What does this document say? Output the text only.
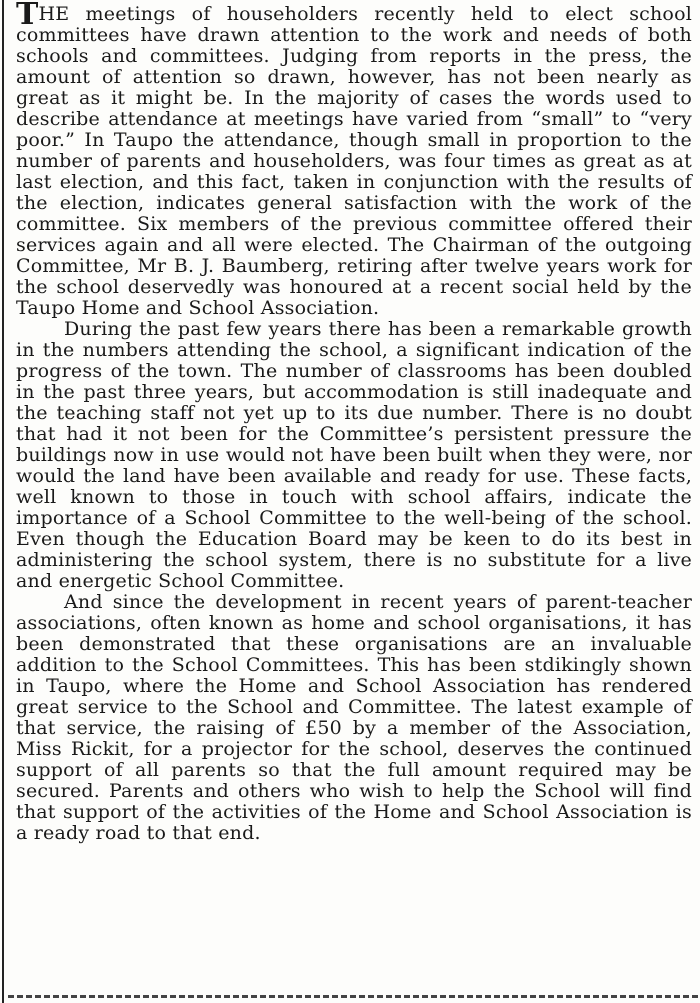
THE meetings of householders recently held to elect school committees have drawn attention to the work and needs of both schools and committees. Judging from reports in the press, the amount of attention so drawn, however, has not been nearly as great as it might be. In the majority of cases the words used to describe attendance at meetings have varied from “small” to “very poor.” In Taupo the attendance, though small in proportion to the number of parents and householders, was four times as great as at last election, and this fact, taken in conjunction with the results of the election, indicates general satisfaction with the work of the committee. Six members of the previous committee offered their services again and all were elected. The Chairman of the outgoing Committee, Mr B. J. Baumberg, retiring after twelve years work for the school deservedly was honoured at a recent social held by the Taupo Home and School Association.

During the past few years there has been a remarkable growth in the numbers attending the school, a significant indication of the progress of the town. The number of classrooms has been doubled in the past three years, but accommodation is still inadequate and the teaching staff not yet up to its due number. There is no doubt that had it not been for the Committee’s persistent pressure the buildings now in use would not have been built when they were, nor would the land have been available and ready for use. These facts, well known to those in touch with school affairs, indicate the importance of a School Committee to the well-being of the school. Even though the Education Board may be keen to do its best in administering the school system, there is no substitute for a live and energetic School Committee.

And since the development in recent years of parent-teacher associations, often known as home and school organisations, it has been demonstrated that these organisations are an invaluable addition to the School Committees. This has been stdikingly shown in Taupo, where the Home and School Association has rendered great service to the School and Committee. The latest example of that service, the raising of £50 by a member of the Association, Miss Rickit, for a projector for the school, deserves the continued support of all parents so that the full amount required may be secured. Parents and others who wish to help the School will find that support of the activities of the Home and School Association is a ready road to that end.
